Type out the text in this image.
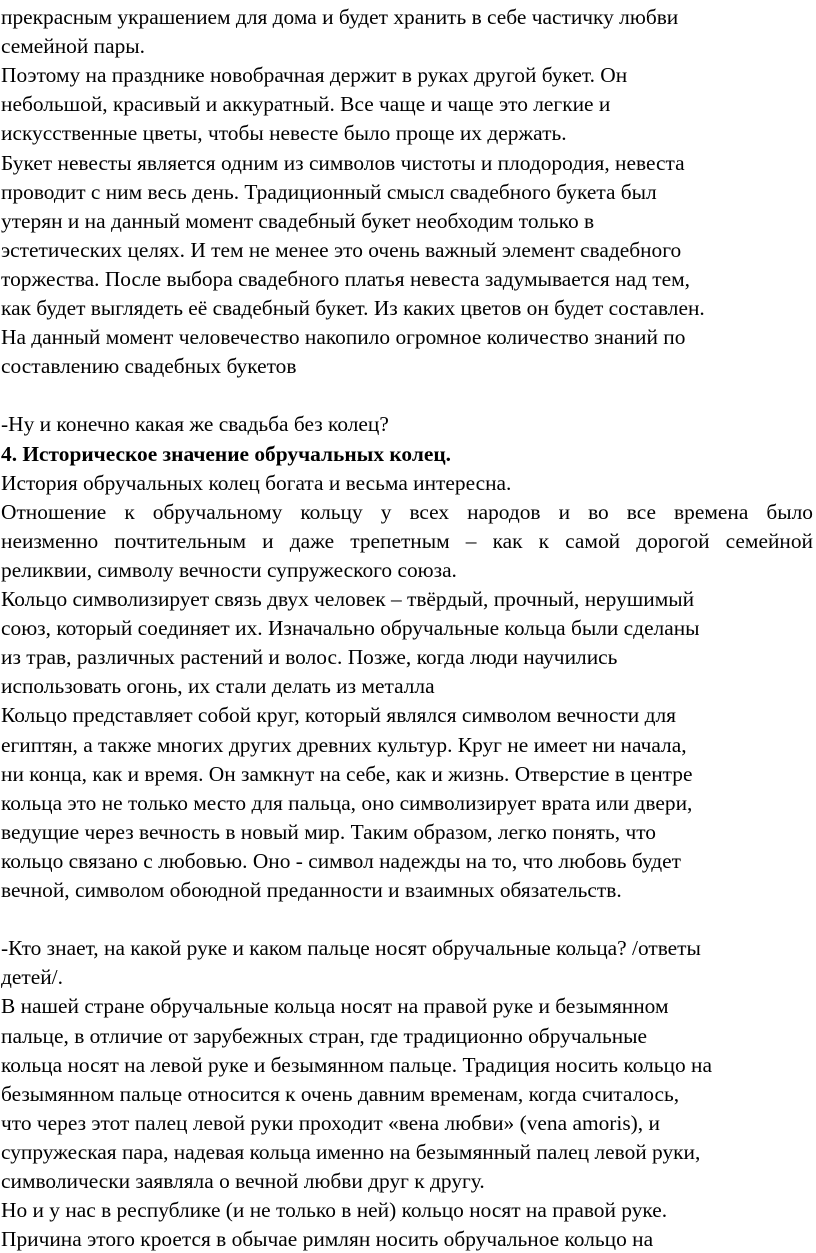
прекрасным украшением для дома и будет хранить в себе частичку любви
семейной пары.
Поэтому на празднике новобрачная держит в руках другой букет. Он
небольшой, красивый и аккуратный. Все чаще и чаще это легкие и
искусственные цветы, чтобы невесте было проще их держать.
Букет невесты является одним из символов чистоты и плодородия, невеста
проводит с ним весь день. Традиционный смысл свадебного букета был
утерян и на данный момент свадебный букет необходим только в
эстетических целях. И тем не менее это очень важный элемент свадебного
торжества. После выбора свадебного платья невеста задумывается над тем,
как будет выглядеть её свадебный букет. Из каких цветов он будет составлен.
На данный момент человечество накопило огромное количество знаний по
составлению свадебных букетов
-Ну и конечно какая же свадьба без колец?
4. Историческое значение обручальных колец.
История обручальных колец богата и весьма интересна.
Отношение к обручальному кольцу у всех народов и во все времена было
неизменно почтительным и даже трепетным – как к самой дорогой семейной
реликвии, символу вечности супружеского союза.
Кольцо символизирует связь двух человек – твёрдый, прочный, нерушимый
союз, который соединяет их. Изначально обручальные кольца были сделаны
из трав, различных растений и волос. Позже, когда люди научились
использовать огонь, их стали делать из металла
Кольцо представляет собой круг, который являлся символом вечности для
египтян, а также многих других древних культур. Круг не имеет ни начала,
ни конца, как и время. Он замкнут на себе, как и жизнь. Отверстие в центре
кольца это не только место для пальца, оно символизирует врата или двери,
ведущие через вечность в новый мир. Таким образом, легко понять, что
кольцо связано с любовью. Оно - символ надежды на то, что любовь будет
вечной, символом обоюдной преданности и взаимных обязательств.
-Кто знает, на какой руке и каком пальце носят обручальные кольца? /ответы
детей/.
В нашей стране обручальные кольца носят на правой руке и безымянном
пальце, в отличие от зарубежных стран, где традиционно обручальные
кольца носят на левой руке и безымянном пальце. Традиция носить кольцо на
безымянном пальце относится к очень давним временам, когда считалось,
что через этот палец левой руки проходит «вена любви» (vena amoris), и
супружеская пара, надевая кольца именно на безымянный палец левой руки,
символически заявляла о вечной любви друг к другу.
Но и у нас в республике (и не только в ней) кольцо носят на правой руке.
Причина этого кроется в обычае римлян носить обручальное кольцо на
